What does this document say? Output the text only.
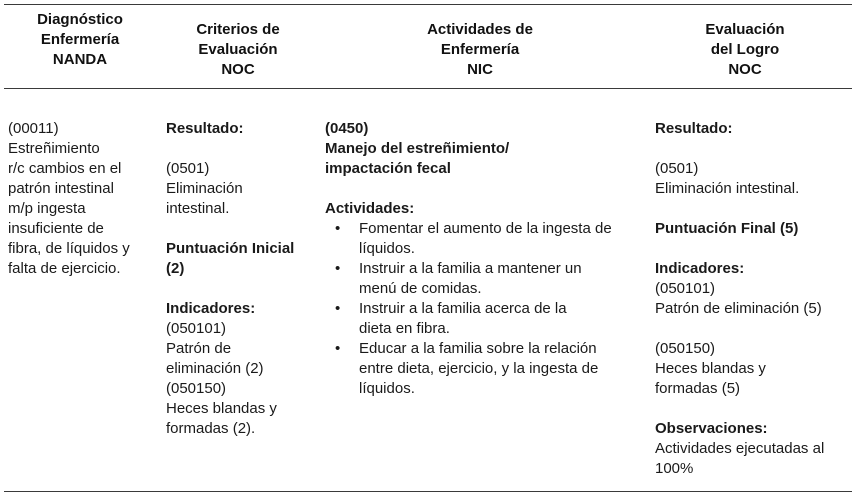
Diagnóstico
Enfermería
NANDA
Criterios de
Evaluación
NOC
Actividades de
Enfermería
NIC
Evaluación
del Logro
NOC
(00011)
Estreñimiento
r/c cambios en el
patrón intestinal
m/p ingesta
insuficiente de
fibra, de líquidos y
falta de ejercicio.
Resultado:
(0501)
Eliminación
intestinal.
Puntuación Inicial
(2)
Indicadores:
(050101)
Patrón de
eliminación (2)
(050150)
Heces blandas y
formadas (2).
(0450)
Manejo del estreñimiento/
impactación fecal
Actividades:
• Fomentar el aumento de la ingesta de
líquidos.
• Instruir a la familia a mantener un
menú de comidas.
• Instruir a la familia acerca de la
dieta en fibra.
• Educar a la familia sobre la relación
entre dieta, ejercicio, y la ingesta de
líquidos.
Resultado:
(0501)
Eliminación intestinal.
Puntuación Final (5)
Indicadores:
(050101)
Patrón de eliminación (5)
(050150)
Heces blandas y
formadas (5)
Observaciones:
Actividades ejecutadas al
100%
